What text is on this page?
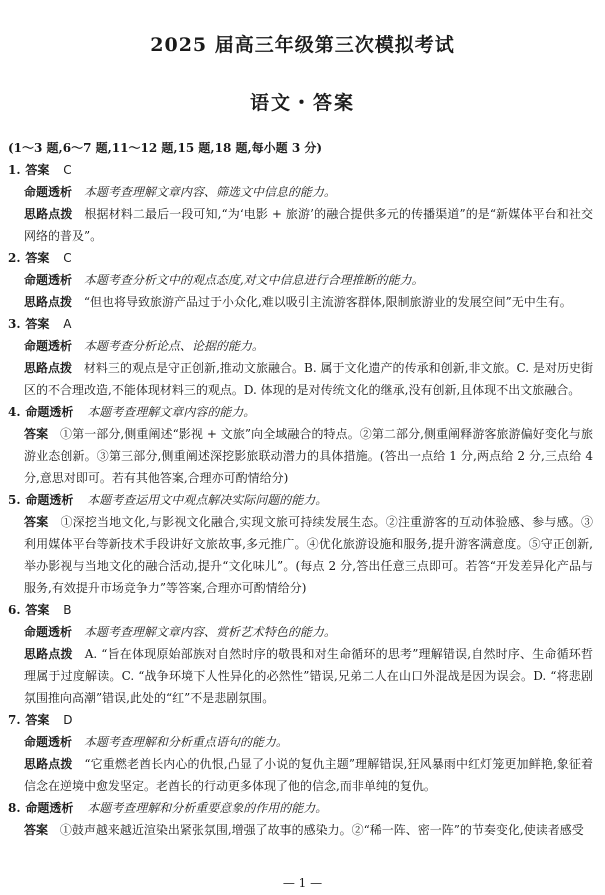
2025 届高三年级第三次模拟考试
语文・答案
(1～3 题,6～7 题,11～12 题,15 题,18 题,每小题 3 分)
1. 答案 C
命题透析 本题考查理解文章内容、筛选文中信息的能力。
思路点拨 根据材料二最后一段可知,“为‘电影 + 旅游’的融合提供多元的传播渠道”的是“新媒体平台和社交网络的普及”。
2. 答案 C
命题透析 本题考查分析文中的观点态度,对文中信息进行合理推断的能力。
思路点拨 “但也将导致旅游产品过于小众化,难以吸引主流游客群体,限制旅游业的发展空间”无中生有。
3. 答案 A
命题透析 本题考查分析论点、论据的能力。
思路点拨 材料三的观点是守正创新,推动文旅融合。B. 属于文化遗产的传承和创新,非文旅。C. 是对历史街区的不合理改造,不能体现材料三的观点。D. 体现的是对传统文化的继承,没有创新,且体现不出文旅融合。
4. 命题透析 本题考查理解文章内容的能力。
答案 ①第一部分,侧重阐述“影视 + 文旅”向全域融合的特点。②第二部分,侧重阐释游客旅游偏好变化与旅游业态创新。③第三部分,侧重阐述深挖影旅联动潜力的具体措施。(答出一点给 1 分,两点给 2 分,三点给 4 分,意思对即可。若有其他答案,合理亦可酌情给分)
5. 命题透析 本题考查运用文中观点解决实际问题的能力。
答案 ①深挖当地文化,与影视文化融合,实现文旅可持续发展生态。②注重游客的互动体验感、参与感。③利用媒体平台等新技术手段讲好文旅故事,多元推广。④优化旅游设施和服务,提升游客满意度。⑤守正创新,举办影视与当地文化的融合活动,提升“文化味儿”。(每点 2 分,答出任意三点即可。若答“开发差异化产品与服务,有效提升市场竞争力”等答案,合理亦可酌情给分)
6. 答案 B
命题透析 本题考查理解文章内容、赏析艺术特色的能力。
思路点拨 A. “旨在体现原始部族对自然时序的敬畏和对生命循环的思考”理解错误,自然时序、生命循环哲理属于过度解读。C. “战争环境下人性异化的必然性”错误,兄弟二人在山口外混战是因为误会。D. “将悲剧氛围推向高潮”错误,此处的“红”不是悲剧氛围。
7. 答案 D
命题透析 本题考查理解和分析重点语句的能力。
思路点拨 “它重燃老酋长内心的仇恨,凸显了小说的复仇主题”理解错误,狂风暴雨中红灯笼更加鲜艳,象征着信念在逆境中愈发坚定。老酋长的行动更多体现了他的信念,而非单纯的复仇。
8. 命题透析 本题考查理解和分析重要意象的作用的能力。
答案 ①鼓声越来越近渲染出紧张氛围,增强了故事的感染力。②“稀一阵、密一阵”的节奏变化,使读者感受
— 1 —
